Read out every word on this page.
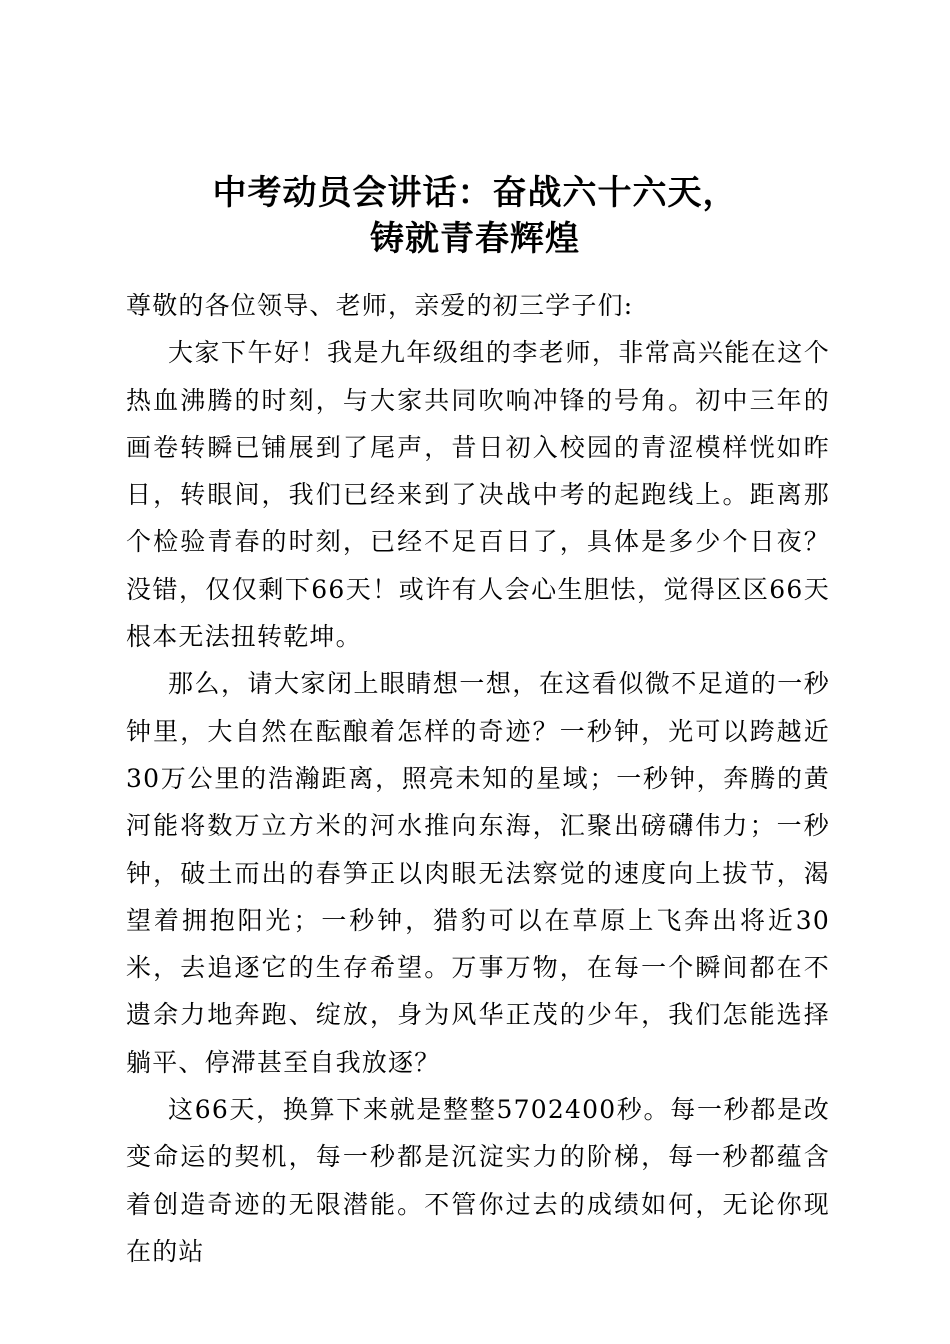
中考动员会讲话：奋战六十六天，
铸就青春辉煌

尊敬的各位领导、老师，亲爱的初三学子们:

大家下午好！我是九年级组的李老师，非常高兴能在这个热血沸腾的时刻，与大家共同吹响冲锋的号角。初中三年的画卷转瞬已铺展到了尾声，昔日初入校园的青涩模样恍如昨日，转眼间，我们已经来到了决战中考的起跑线上。距离那个检验青春的时刻，已经不足百日了，具体是多少个日夜？没错，仅仅剩下66天！或许有人会心生胆怯，觉得区区66天根本无法扭转乾坤。

那么，请大家闭上眼睛想一想，在这看似微不足道的一秒钟里，大自然在酝酿着怎样的奇迹？一秒钟，光可以跨越近30万公里的浩瀚距离，照亮未知的星域；一秒钟，奔腾的黄河能将数万立方米的河水推向东海，汇聚出磅礴伟力；一秒钟，破土而出的春笋正以肉眼无法察觉的速度向上拔节，渴望着拥抱阳光；一秒钟，猎豹可以在草原上飞奔出将近30米，去追逐它的生存希望。万事万物，在每一个瞬间都在不遗余力地奔跑、绽放，身为风华正茂的少年，我们怎能选择躺平、停滞甚至自我放逐？

这66天，换算下来就是整整5702400秒。每一秒都是改变命运的契机，每一秒都是沉淀实力的阶梯，每一秒都蕴含着创造奇迹的无限潜能。不管你过去的成绩如何，无论你现在的站
